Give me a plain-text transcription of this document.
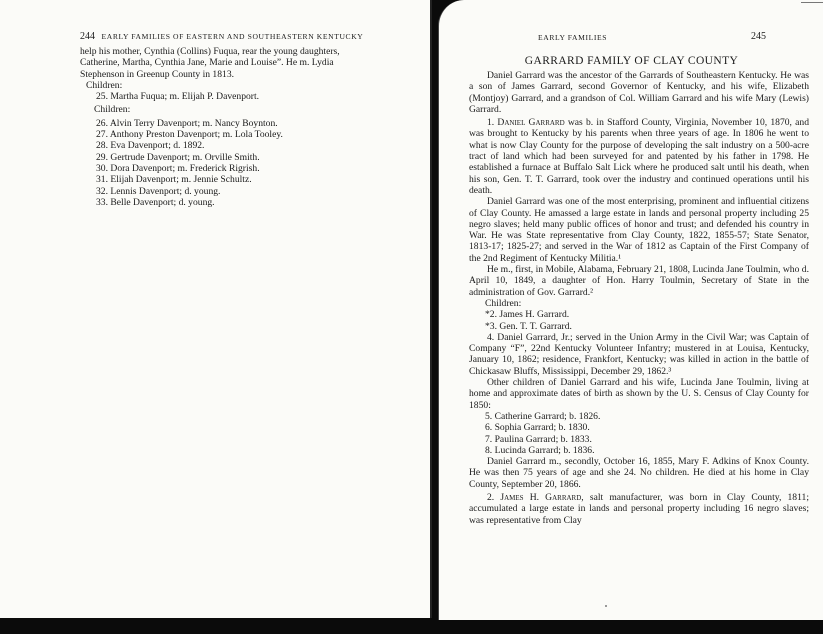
244 EARLY FAMILIES OF EASTERN AND SOUTHEASTERN KENTUCKY
help his mother, Cynthia (Collins) Fuqua, rear the young daughters,
Catherine, Martha, Cynthia Jane, Marie and Louise”. He m. Lydia
Stephenson in Greenup County in 1813.
Children:
25. Martha Fuqua; m. Elijah P. Davenport.
Children:
26. Alvin Terry Davenport; m. Nancy Boynton.
27. Anthony Preston Davenport; m. Lola Tooley.
28. Eva Davenport; d. 1892.
29. Gertrude Davenport; m. Orville Smith.
30. Dora Davenport; m. Frederick Rigrish.
31. Elijah Davenport; m. Jennie Schultz.
32. Lennis Davenport; d. young.
33. Belle Davenport; d. young.
EARLY FAMILIES	245
GARRARD FAMILY OF CLAY COUNTY

Daniel Garrard was the ancestor of the Garrards of Southeastern Kentucky. He was a son of James Garrard, second Governor of Kentucky, and his wife, Elizabeth (Montjoy) Garrard, and a grandson of Col. William Garrard and his wife Mary (Lewis) Garrard.

1. Daniel Garrard was b. in Stafford County, Virginia, November 10, 1870, and was brought to Kentucky by his parents when three years of age. In 1806 he went to what is now Clay County for the purpose of developing the salt industry on a 500-acre tract of land which had been surveyed for and patented by his father in 1798. He established a furnace at Buffalo Salt Lick where he produced salt until his death, when his son, Gen. T. T. Garrard, took over the industry and continued operations until his death.

Daniel Garrard was one of the most enterprising, prominent and influential citizens of Clay County. He amassed a large estate in lands and personal property including 25 negro slaves; held many public offices of honor and trust; and defended his country in War. He was State representative from Clay County, 1822, 1855-57; State Senator, 1813-17; 1825-27; and served in the War of 1812 as Captain of the First Company of the 2nd Regiment of Kentucky Militia.¹

He m., first, in Mobile, Alabama, February 21, 1808, Lucinda Jane Toulmin, who d. April 10, 1849, a daughter of Hon. Harry Toulmin, Secretary of State in the administration of Gov. Garrard.²

Children:
*2. James H. Garrard.
*3. Gen. T. T. Garrard.

4. Daniel Garrard, Jr.; served in the Union Army in the Civil War; was Captain of Company “F”, 22nd Kentucky Volunteer Infantry; mustered in at Louisa, Kentucky, January 10, 1862; residence, Frankfort, Kentucky; was killed in action in the battle of Chickasaw Bluffs, Mississippi, December 29, 1862.³

Other children of Daniel Garrard and his wife, Lucinda Jane Toulmin, living at home and approximate dates of birth as shown by the U. S. Census of Clay County for 1850:

5. Catherine Garrard; b. 1826.
6. Sophia Garrard; b. 1830.
7. Paulina Garrard; b. 1833.
8. Lucinda Garrard; b. 1836.

Daniel Garrard m., secondly, October 16, 1855, Mary F. Adkins of Knox County. He was then 75 years of age and she 24. No children. He died at his home in Clay County, September 20, 1866.

2. James H. Garrard, salt manufacturer, was born in Clay County, 1811; accumulated a large estate in lands and personal property including 16 negro slaves; was representative from Clay
